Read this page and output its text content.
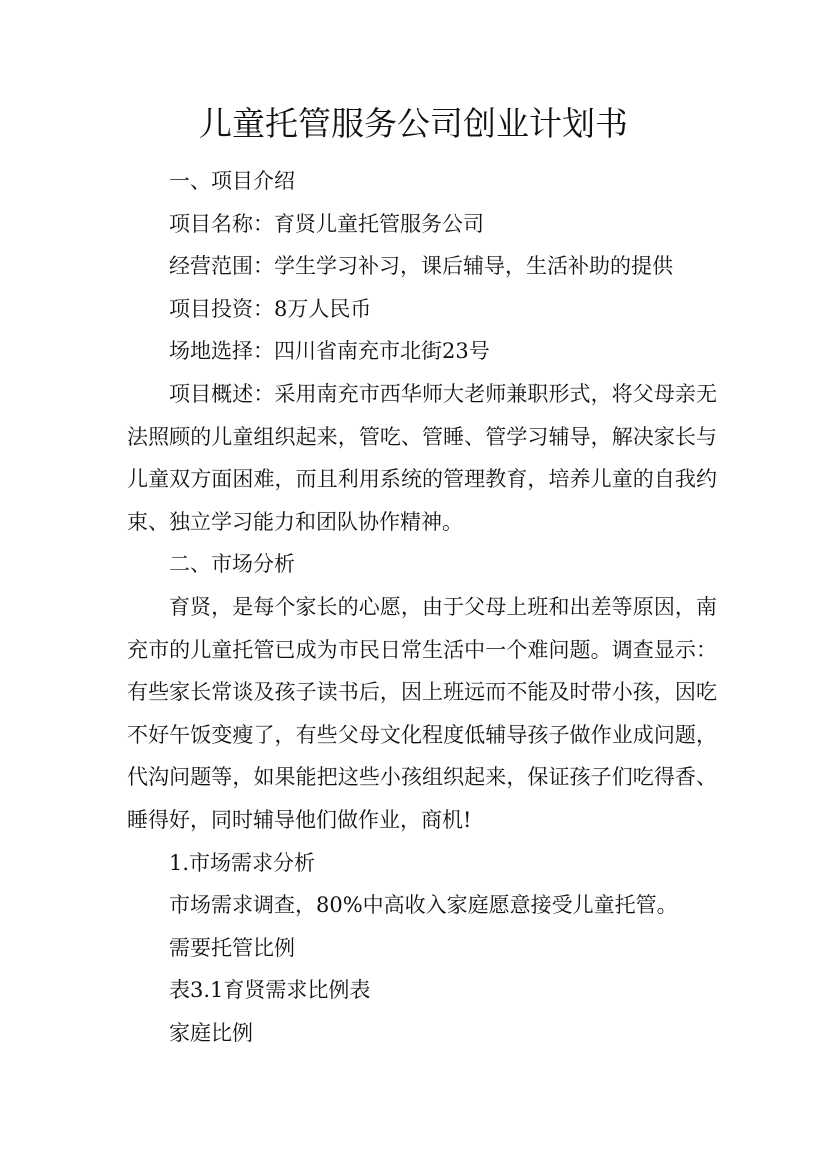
儿童托管服务公司创业计划书

一、项目介绍

项目名称：育贤儿童托管服务公司

经营范围：学生学习补习，课后辅导，生活补助的提供

项目投资：8万人民币

场地选择：四川省南充市北街23号

项目概述：采用南充市西华师大老师兼职形式，将父母亲无法照顾的儿童组织起来，管吃、管睡、管学习辅导，解决家长与儿童双方面困难，而且利用系统的管理教育，培养儿童的自我约束、独立学习能力和团队协作精神。

二、市场分析

育贤，是每个家长的心愿，由于父母上班和出差等原因，南充市的儿童托管已成为市民日常生活中一个难问题。调查显示：有些家长常谈及孩子读书后，因上班远而不能及时带小孩，因吃不好午饭变瘦了，有些父母文化程度低辅导孩子做作业成问题，代沟问题等，如果能把这些小孩组织起来，保证孩子们吃得香、睡得好，同时辅导他们做作业，商机!

1.市场需求分析

市场需求调查，80%中高收入家庭愿意接受儿童托管。

需要托管比例

表3.1育贤需求比例表

家庭比例
